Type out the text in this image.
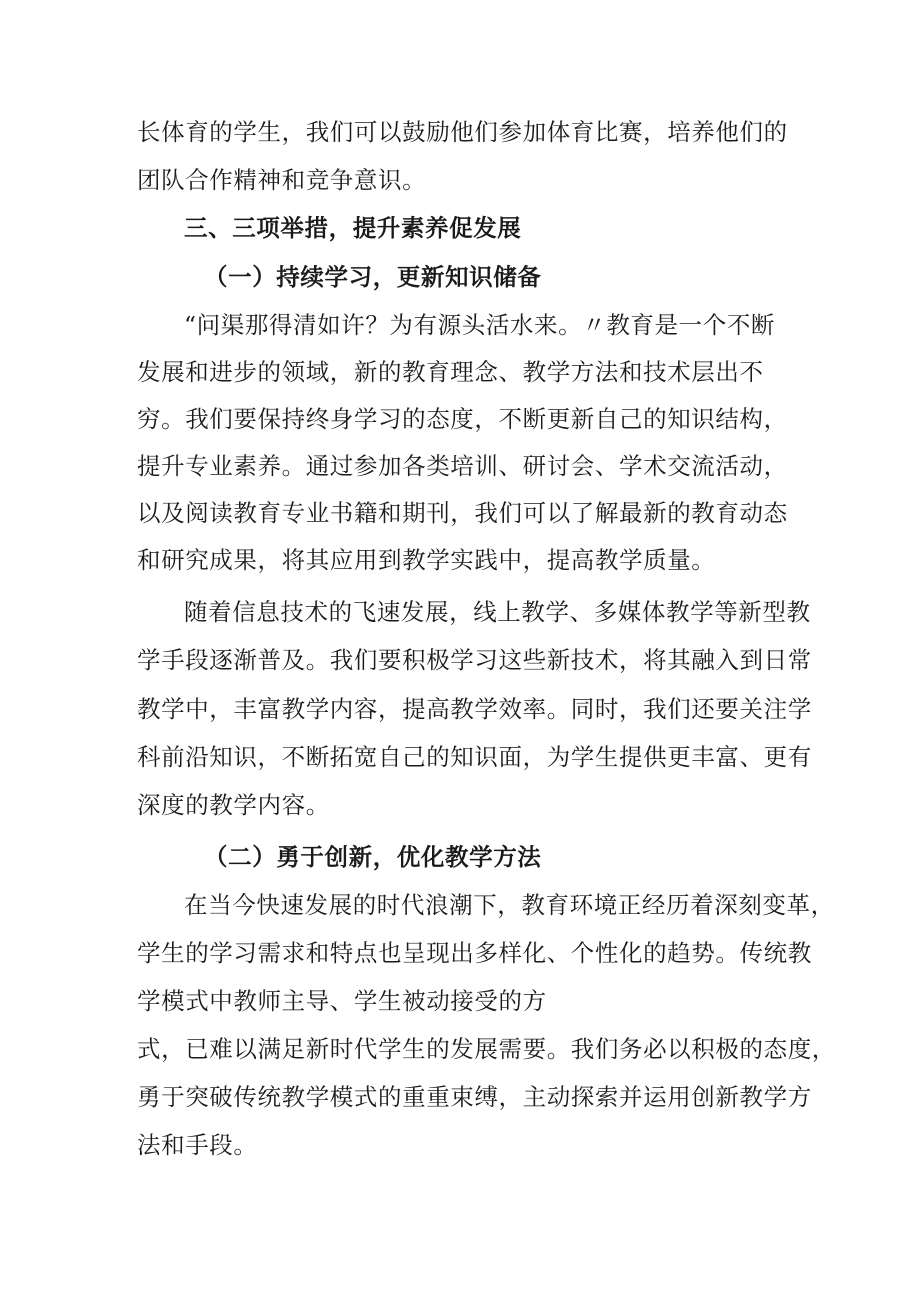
长体育的学生，我们可以鼓励他们参加体育比赛，培养他们的
团队合作精神和竞争意识。
三、三项举措，提升素养促发展
（一）持续学习，更新知识储备
“问渠那得清如许？为有源头活水来。〃教育是一个不断
发展和进步的领域，新的教育理念、教学方法和技术层出不
穷。我们要保持终身学习的态度，不断更新自己的知识结构，
提升专业素养。通过参加各类培训、研讨会、学术交流活动，
以及阅读教育专业书籍和期刊，我们可以了解最新的教育动态
和研究成果，将其应用到教学实践中，提高教学质量。
随着信息技术的飞速发展，线上教学、多媒体教学等新型教
学手段逐渐普及。我们要积极学习这些新技术，将其融入到日常
教学中，丰富教学内容，提高教学效率。同时，我们还要关注学
科前沿知识，不断拓宽自己的知识面，为学生提供更丰富、更有
深度的教学内容。
（二）勇于创新，优化教学方法
在当今快速发展的时代浪潮下，教育环境正经历着深刻变革，
学生的学习需求和特点也呈现出多样化、个性化的趋势。传统教
学模式中教师主导、学生被动接受的方
式，已难以满足新时代学生的发展需要。我们务必以积极的态度，
勇于突破传统教学模式的重重束缚，主动探索并运用创新教学方
法和手段。
